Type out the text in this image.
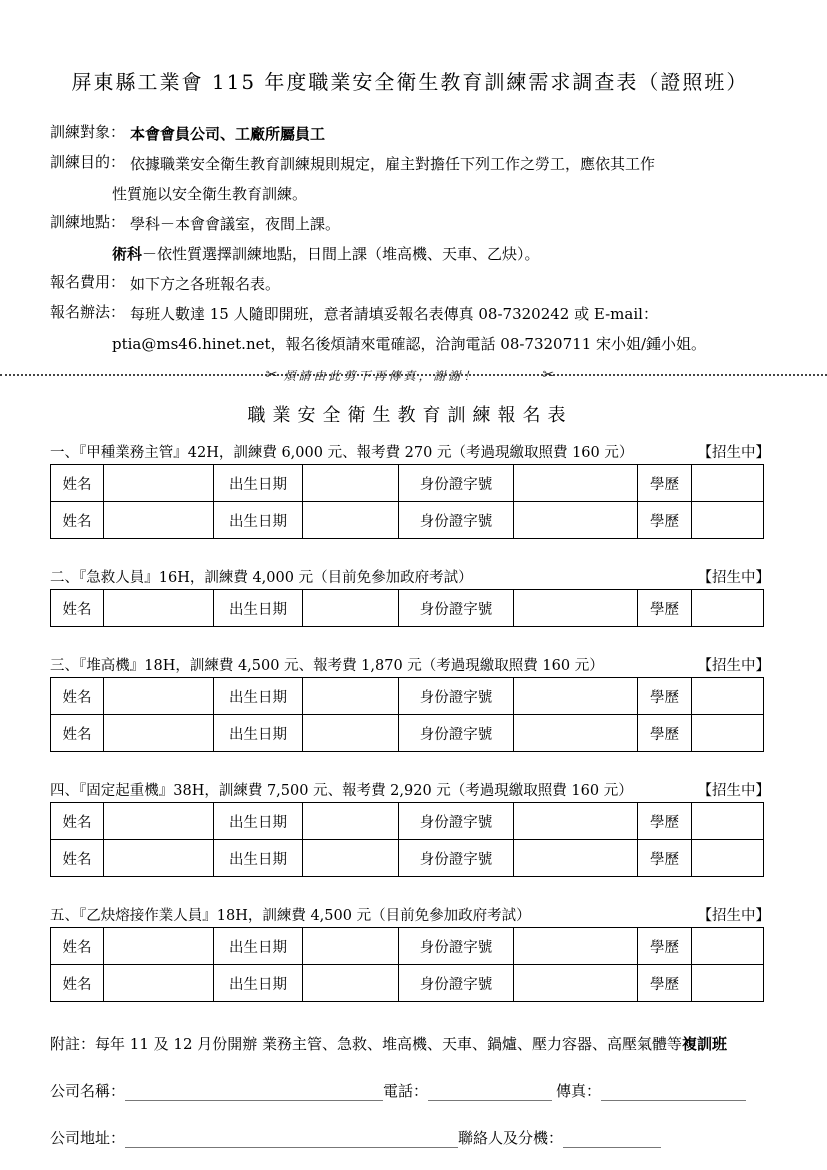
屏東縣工業會 115 年度職業安全衛生教育訓練需求調查表（證照班）
訓練對象： 本會會員公司、工廠所屬員工
訓練目的： 依據職業安全衛生教育訓練規則規定，雇主對擔任下列工作之勞工，應依其工作
性質施以安全衛生教育訓練。
訓練地點： 學科－本會會議室，夜間上課。
術科－依性質選擇訓練地點，日間上課（堆高機、天車、乙炔）。
報名費用： 如下方之各班報名表。
報名辦法： 每班人數達 15 人隨即開班，意者請填妥報名表傳真 08-7320242 或 E-mail：
ptia@ms46.hinet.net，報名後煩請來電確認，洽詢電話 08-7320711 宋小姐/鍾小姐。
✂ 煩請由此剪下再傳真，謝謝！	✂
職業安全衛生教育訓練報名表
一、『甲種業務主管』42H，訓練費 6,000 元、報考費 270 元（考過現繳取照費 160 元）	【招生中】
姓名		出生日期		身份證字號		學歷	
姓名		出生日期		身份證字號		學歷	
二、『急救人員』16H，訓練費 4,000 元（目前免參加政府考試）	【招生中】
姓名		出生日期		身份證字號		學歷	
三、『堆高機』18H，訓練費 4,500 元、報考費 1,870 元（考過現繳取照費 160 元）	【招生中】
姓名		出生日期		身份證字號		學歷	
姓名		出生日期		身份證字號		學歷	
四、『固定起重機』38H，訓練費 7,500 元、報考費 2,920 元（考過現繳取照費 160 元）	【招生中】
姓名		出生日期		身份證字號		學歷	
姓名		出生日期		身份證字號		學歷	
五、『乙炔熔接作業人員』18H，訓練費 4,500 元（目前免參加政府考試）	【招生中】
姓名		出生日期		身份證字號		學歷	
姓名		出生日期		身份證字號		學歷	
附註： 每年 11 及 12 月份開辦 業務主管、急救、堆高機、天車、鍋爐、壓力容器、高壓氣體等 複訓班
公司名稱：	電話：	傳真：
公司地址：	聯絡人及分機：
